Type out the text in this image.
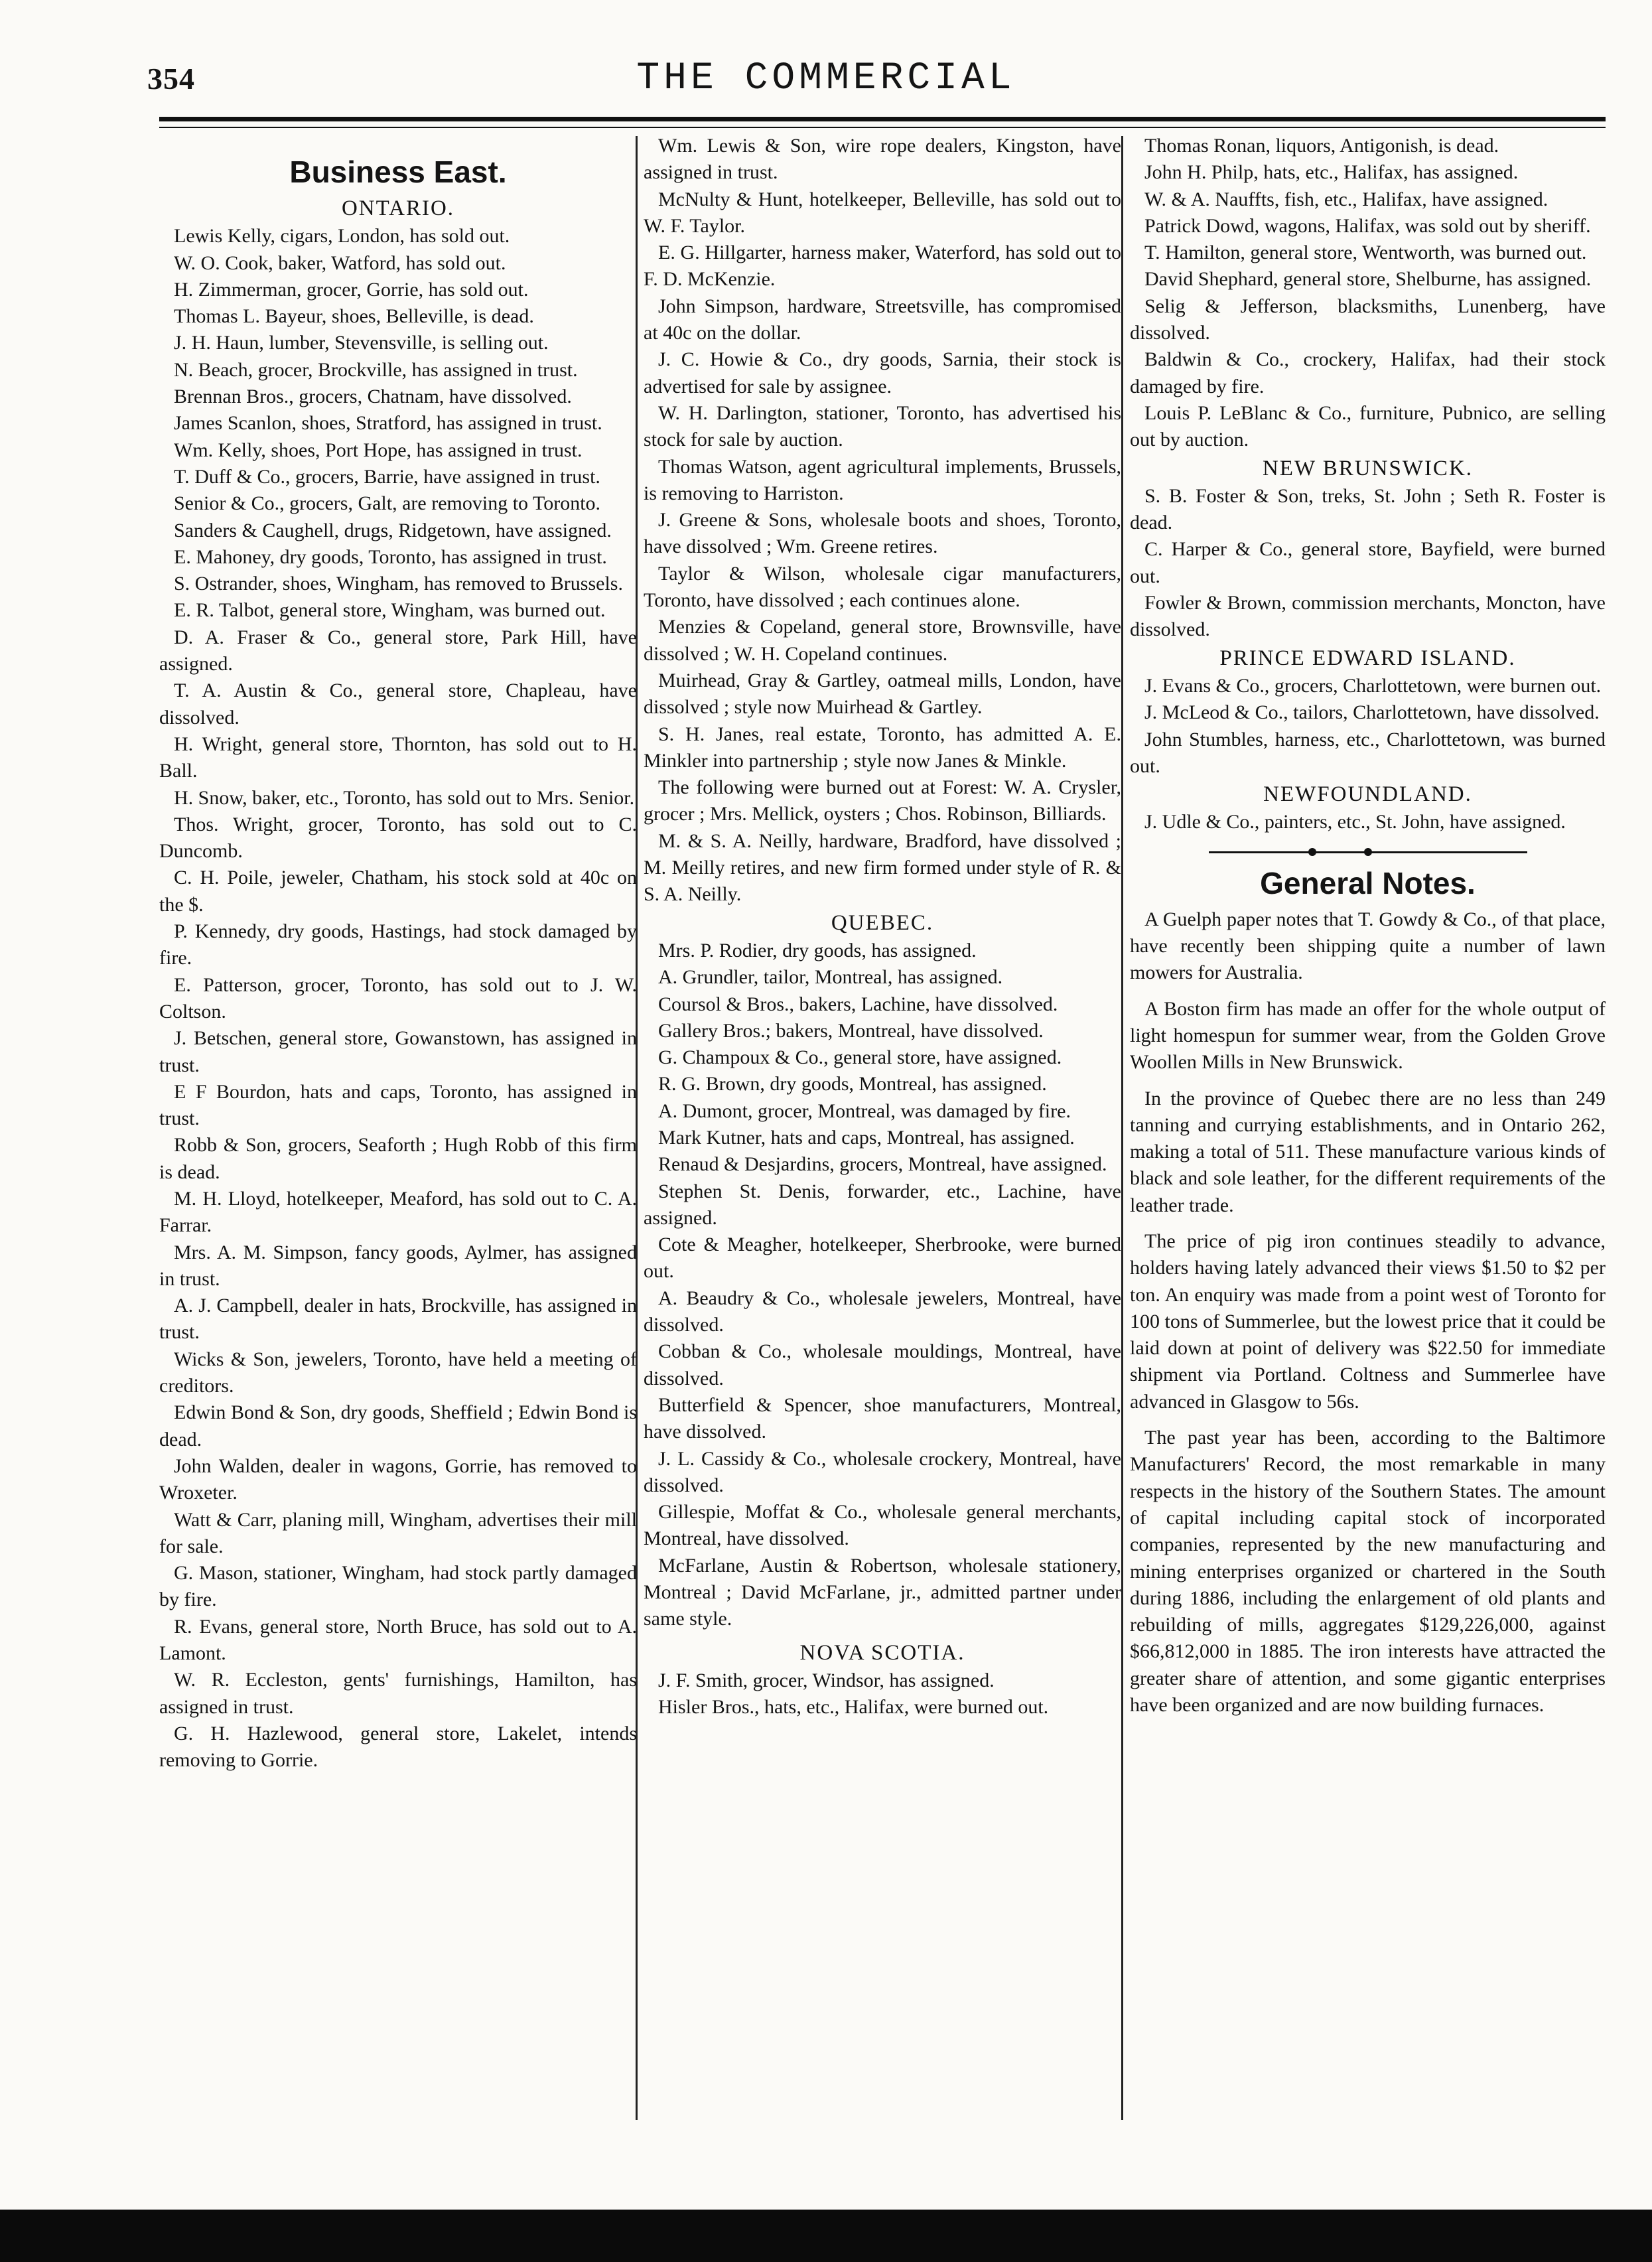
354	THE COMMERCIAL
Business East.
ONTARIO.

Lewis Kelly, cigars, London, has sold out.

W. O. Cook, baker, Watford, has sold out.

H. Zimmerman, grocer, Gorrie, has sold out.

Thomas L. Bayeur, shoes, Belleville, is dead.

J. H. Haun, lumber, Stevensville, is selling out.

N. Beach, grocer, Brockville, has assigned in trust.

Brennan Bros., grocers, Chatnam, have dissolved.

James Scanlon, shoes, Stratford, has assigned in trust.

Wm. Kelly, shoes, Port Hope, has assigned in trust.

T. Duff & Co., grocers, Barrie, have assigned in trust.

Senior & Co., grocers, Galt, are removing to Toronto.

Sanders & Caughell, drugs, Ridgetown, have assigned.

E. Mahoney, dry goods, Toronto, has assigned in trust.

S. Ostrander, shoes, Wingham, has removed to Brussels.

E. R. Talbot, general store, Wingham, was burned out.

D. A. Fraser & Co., general store, Park Hill, have assigned.

T. A. Austin & Co., general store, Chapleau, have dissolved.

H. Wright, general store, Thornton, has sold out to H. Ball.

H. Snow, baker, etc., Toronto, has sold out to Mrs. Senior.

Thos. Wright, grocer, Toronto, has sold out to C. Duncomb.

C. H. Poile, jeweler, Chatham, his stock sold at 40c on the $.

P. Kennedy, dry goods, Hastings, had stock damaged by fire.

E. Patterson, grocer, Toronto, has sold out to J. W. Coltson.

J. Betschen, general store, Gowanstown, has assigned in trust.

E F Bourdon, hats and caps, Toronto, has assigned in trust.

Robb & Son, grocers, Seaforth ; Hugh Robb of this firm is dead.

M. H. Lloyd, hotelkeeper, Meaford, has sold out to C. A. Farrar.

Mrs. A. M. Simpson, fancy goods, Aylmer, has assigned in trust.

A. J. Campbell, dealer in hats, Brockville, has assigned in trust.

Wicks & Son, jewelers, Toronto, have held a meeting of creditors.

Edwin Bond & Son, dry goods, Sheffield ; Edwin Bond is dead.

John Walden, dealer in wagons, Gorrie, has removed to Wroxeter.

Watt & Carr, planing mill, Wingham, advertises their mill for sale.

G. Mason, stationer, Wingham, had stock partly damaged by fire.

R. Evans, general store, North Bruce, has sold out to A. Lamont.

W. R. Eccleston, gents' furnishings, Hamilton, has assigned in trust.

G. H. Hazlewood, general store, Lakelet, intends removing to Gorrie.

Wm. Lewis & Son, wire rope dealers, Kingston, have assigned in trust.

McNulty & Hunt, hotelkeeper, Belleville, has sold out to W. F. Taylor.

E. G. Hillgarter, harness maker, Waterford, has sold out to F. D. McKenzie.

John Simpson, hardware, Streetsville, has compromised at 40c on the dollar.

J. C. Howie & Co., dry goods, Sarnia, their stock is advertised for sale by assignee.

W. H. Darlington, stationer, Toronto, has advertised his stock for sale by auction.

Thomas Watson, agent agricultural implements, Brussels, is removing to Harriston.

J. Greene & Sons, wholesale boots and shoes, Toronto, have dissolved ; Wm. Greene retires.

Taylor & Wilson, wholesale cigar manufacturers, Toronto, have dissolved ; each continues alone.

Menzies & Copeland, general store, Brownsville, have dissolved ; W. H. Copeland continues.

Muirhead, Gray & Gartley, oatmeal mills, London, have dissolved ; style now Muirhead & Gartley.

S. H. Janes, real estate, Toronto, has admitted A. E. Minkler into partnership ; style now Janes & Minkle.

The following were burned out at Forest: W. A. Crysler, grocer ; Mrs. Mellick, oysters ; Chos. Robinson, Billiards.

M. & S. A. Neilly, hardware, Bradford, have dissolved ; M. Meilly retires, and new firm formed under style of R. & S. A. Neilly.

QUEBEC.

Mrs. P. Rodier, dry goods, has assigned.

A. Grundler, tailor, Montreal, has assigned.

Coursol & Bros., bakers, Lachine, have dissolved.

Gallery Bros.; bakers, Montreal, have dissolved.

G. Champoux & Co., general store, have assigned.

R. G. Brown, dry goods, Montreal, has assigned.

A. Dumont, grocer, Montreal, was damaged by fire.

Mark Kutner, hats and caps, Montreal, has assigned.

Renaud & Desjardins, grocers, Montreal, have assigned.

Stephen St. Denis, forwarder, etc., Lachine, have assigned.

Cote & Meagher, hotelkeeper, Sherbrooke, were burned out.

A. Beaudry & Co., wholesale jewelers, Montreal, have dissolved.

Cobban & Co., wholesale mouldings, Montreal, have dissolved.

Butterfield & Spencer, shoe manufacturers, Montreal, have dissolved.

J. L. Cassidy & Co., wholesale crockery, Montreal, have dissolved.

Gillespie, Moffat & Co., wholesale general merchants, Montreal, have dissolved.

McFarlane, Austin & Robertson, wholesale stationery, Montreal ; David McFarlane, jr., admitted partner under same style.

NOVA SCOTIA.

J. F. Smith, grocer, Windsor, has assigned.

Hisler Bros., hats, etc., Halifax, were burned out.

Thomas Ronan, liquors, Antigonish, is dead.

John H. Philp, hats, etc., Halifax, has assigned.

W. & A. Nauffts, fish, etc., Halifax, have assigned.

Patrick Dowd, wagons, Halifax, was sold out by sheriff.

T. Hamilton, general store, Wentworth, was burned out.

David Shephard, general store, Shelburne, has assigned.

Selig & Jefferson, blacksmiths, Lunenberg, have dissolved.

Baldwin & Co., crockery, Halifax, had their stock damaged by fire.

Louis P. LeBlanc & Co., furniture, Pubnico, are selling out by auction.

NEW BRUNSWICK.

S. B. Foster & Son, treks, St. John ; Seth R. Foster is dead.

C. Harper & Co., general store, Bayfield, were burned out.

Fowler & Brown, commission merchants, Moncton, have dissolved.

PRINCE EDWARD ISLAND.

J. Evans & Co., grocers, Charlottetown, were burnen out.

J. McLeod & Co., tailors, Charlottetown, have dissolved.

John Stumbles, harness, etc., Charlottetown, was burned out.

NEWFOUNDLAND.

J. Udle & Co., painters, etc., St. John, have assigned.

General Notes.

A Guelph paper notes that T. Gowdy & Co., of that place, have recently been shipping quite a number of lawn mowers for Australia.

A Boston firm has made an offer for the whole output of light homespun for summer wear, from the Golden Grove Woollen Mills in New Brunswick.

In the province of Quebec there are no less than 249 tanning and currying establishments, and in Ontario 262, making a total of 511. These manufacture various kinds of black and sole leather, for the different requirements of the leather trade.

The price of pig iron continues steadily to advance, holders having lately advanced their views $1.50 to $2 per ton. An enquiry was made from a point west of Toronto for 100 tons of Summerlee, but the lowest price that it could be laid down at point of delivery was $22.50 for immediate shipment via Portland. Coltness and Summerlee have advanced in Glasgow to 56s.

The past year has been, according to the Baltimore Manufacturers' Record, the most remarkable in many respects in the history of the Southern States. The amount of capital including capital stock of incorporated companies, represented by the new manufacturing and mining enterprises organized or chartered in the South during 1886, including the enlargement of old plants and rebuilding of mills, aggregates $129,226,000, against $66,812,000 in 1885. The iron interests have attracted the greater share of attention, and some gigantic enterprises have been organized and are now building furnaces.
